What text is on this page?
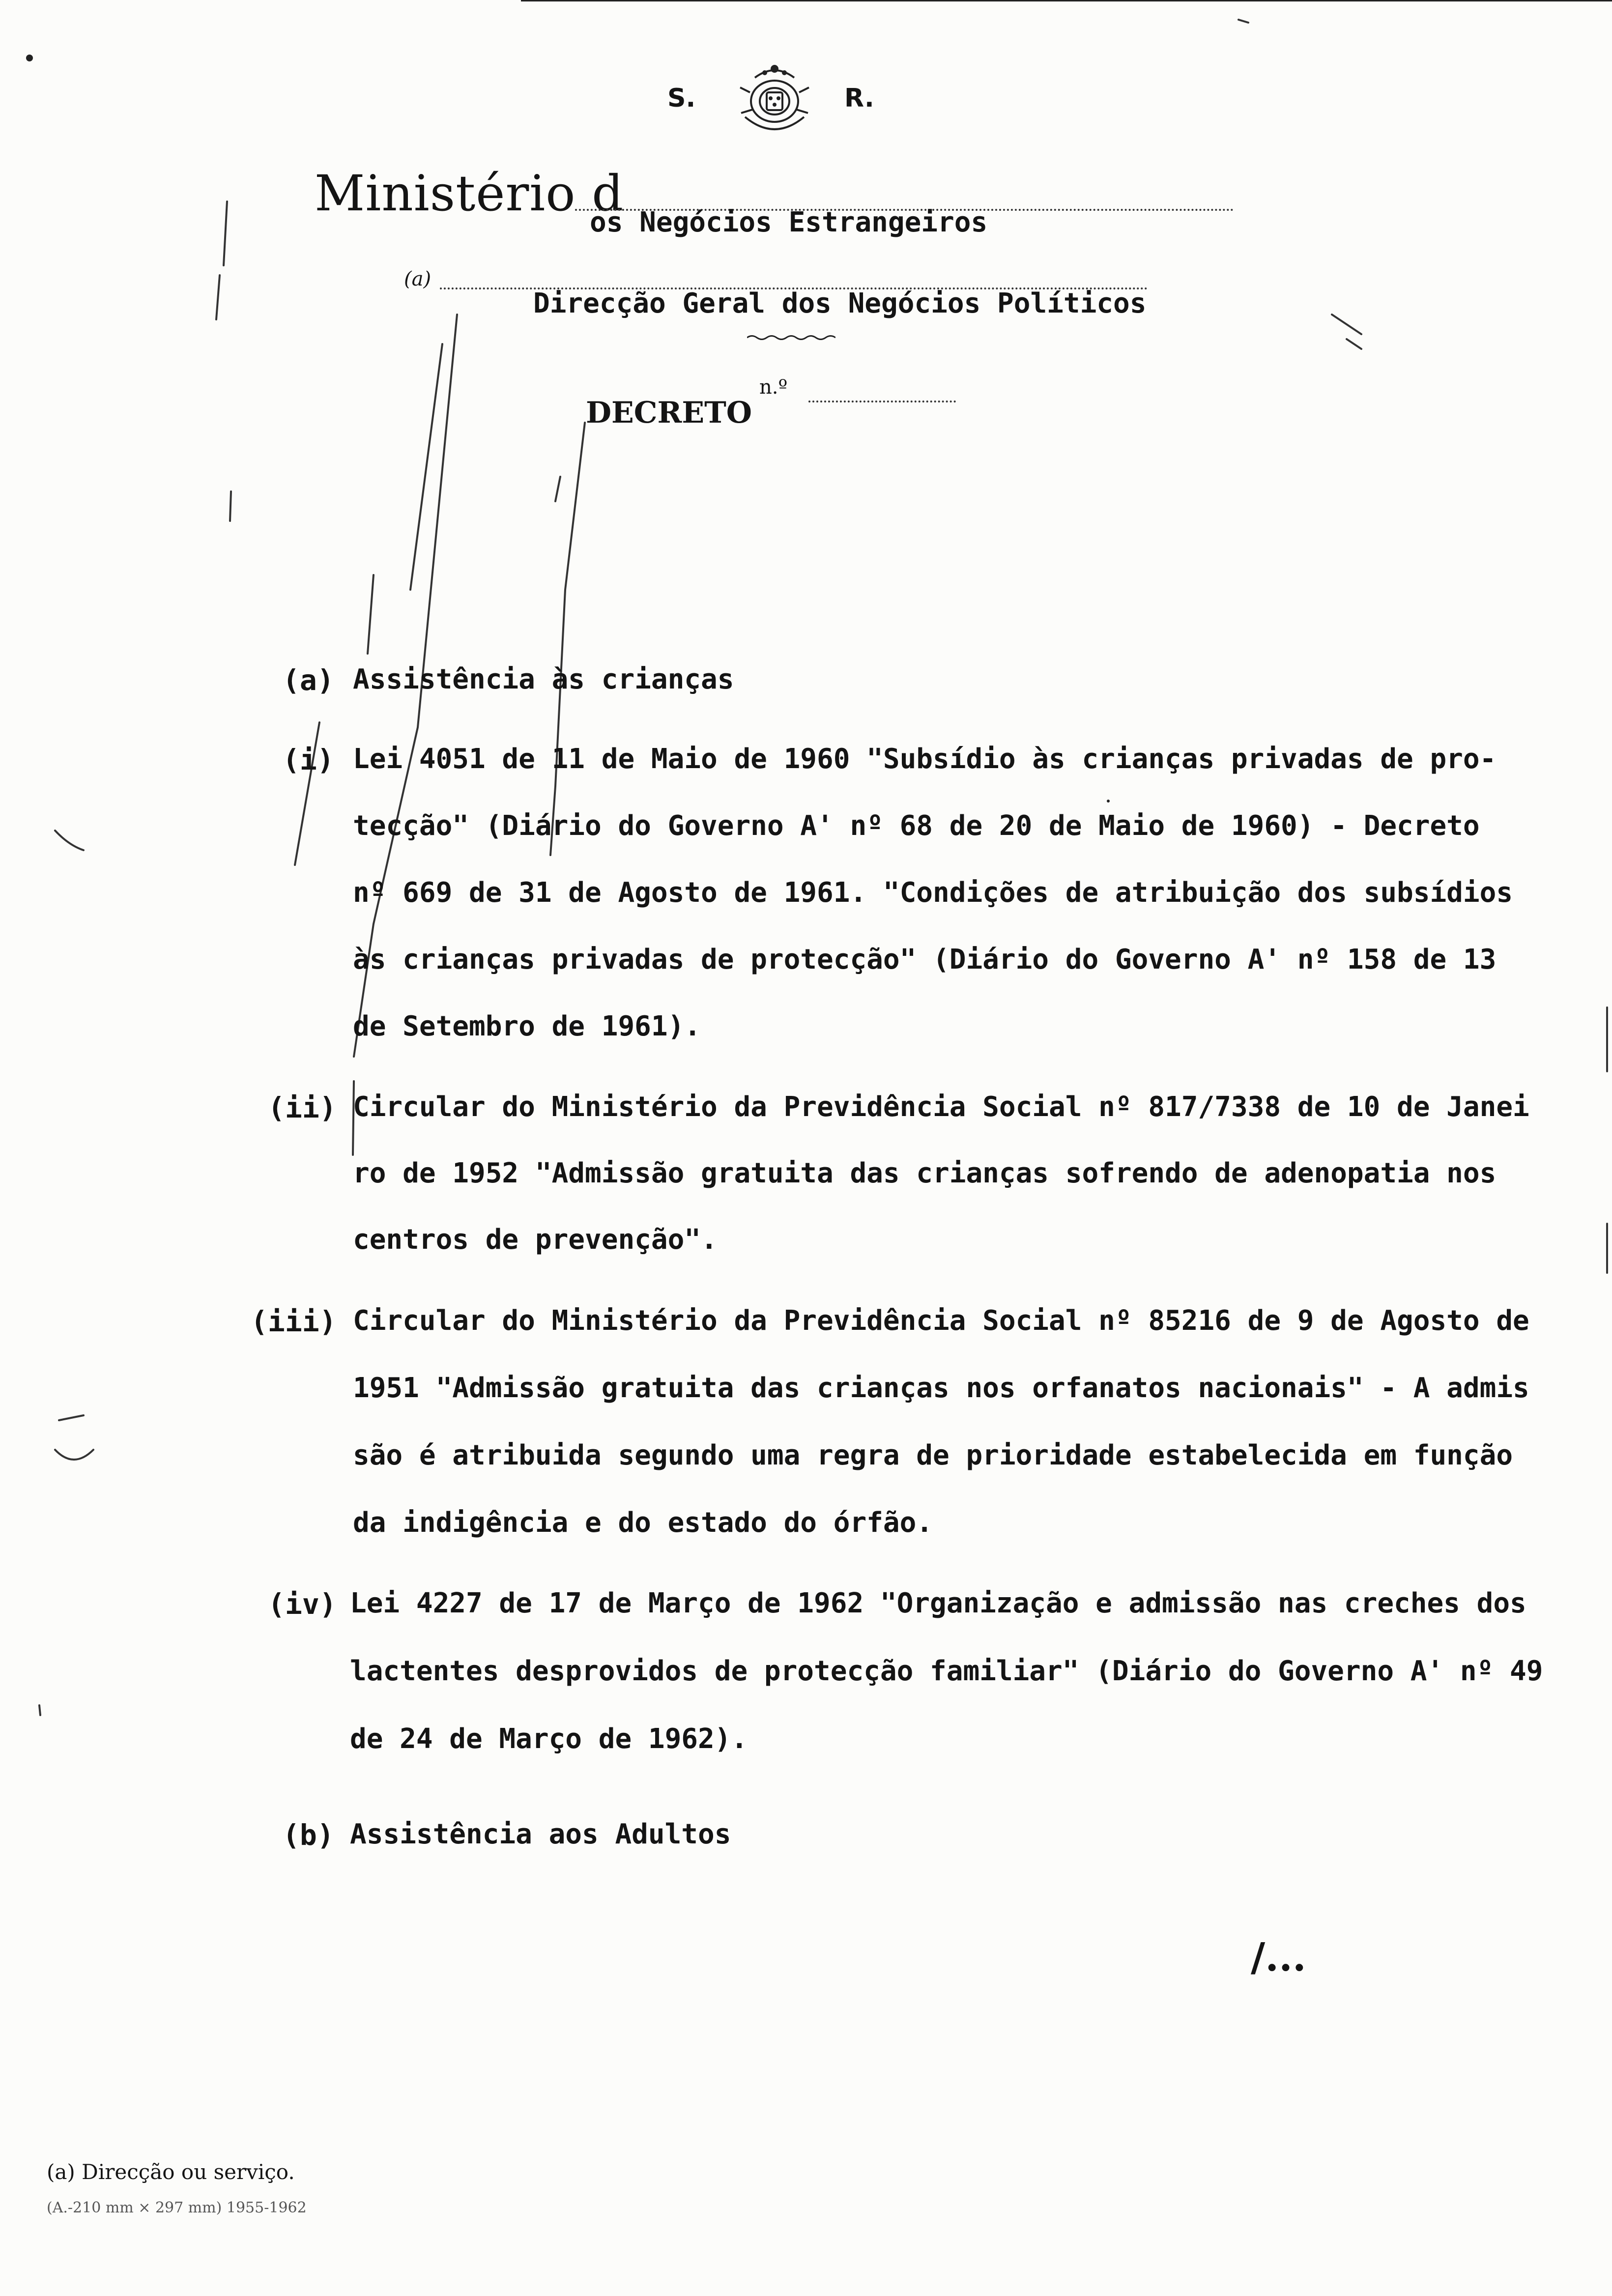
S.	R.
Ministério d
os Negócios Estrangeiros
(a)
Direcção Geral dos Negócios Políticos
DECRETO
n.º
(a) Assistência às crianças
(i) Lei 4051 de 11 de Maio de 1960 "Subsídio às crianças privadas de pro-
tecção" (Diário do Governo A' nº 68 de 20 de Maio de 1960) - Decreto
nº 669 de 31 de Agosto de 1961. "Condições de atribuição dos subsídios
às crianças privadas de protecção" (Diário do Governo A' nº 158 de 13
de Setembro de 1961).
(ii) Circular do Ministério da Previdência Social nº 817/7338 de 10 de Janei
ro de 1952 "Admissão gratuita das crianças sofrendo de adenopatia nos
centros de prevenção".
(iii) Circular do Ministério da Previdência Social nº 85216 de 9 de Agosto de
1951 "Admissão gratuita das crianças nos orfanatos nacionais" - A admis
são é atribuida segundo uma regra de prioridade estabelecida em função
da indigência e do estado do órfão.
(iv) Lei 4227 de 17 de Março de 1962 "Organização e admissão nas creches dos
lactentes desprovidos de protecção familiar" (Diário do Governo A' nº 49
de 24 de Março de 1962).
(b) Assistência aos Adultos
/...
(a) Direcção ou serviço.
(A.-210 mm × 297 mm) 1955-1962
